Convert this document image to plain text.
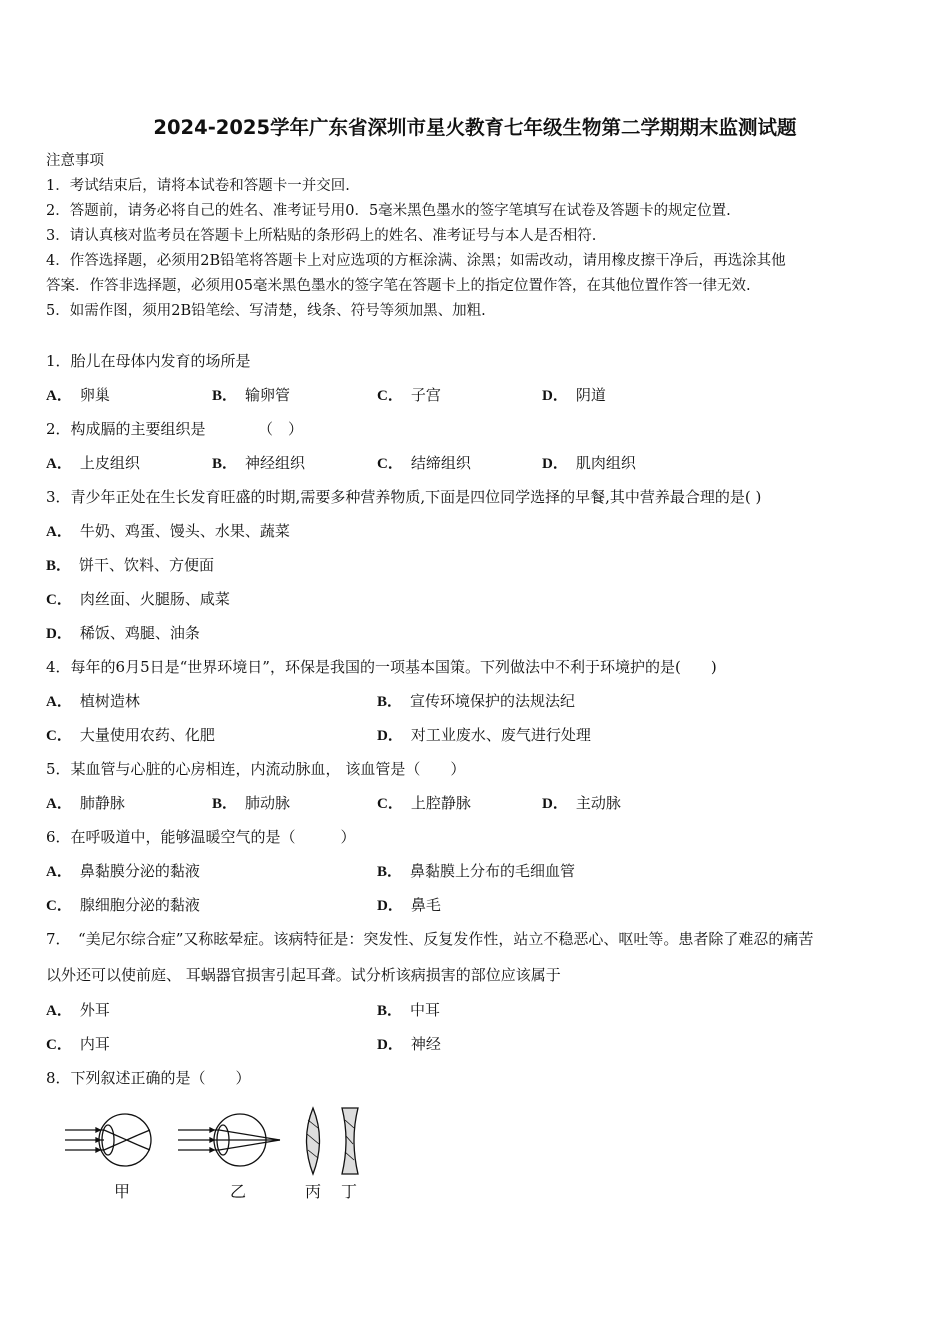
2024-2025学年广东省深圳市星火教育七年级生物第二学期期末监测试题
注意事项
1．考试结束后，请将本试卷和答题卡一并交回.
2．答题前，请务必将自己的姓名、准考证号用0．5毫米黑色墨水的签字笔填写在试卷及答题卡的规定位置.
3．请认真核对监考员在答题卡上所粘贴的条形码上的姓名、准考证号与本人是否相符.
4．作答选择题，必须用2B铅笔将答题卡上对应选项的方框涂满、涂黑；如需改动，请用橡皮擦干净后，再选涂其他
答案．作答非选择题，必须用05毫米黑色墨水的签字笔在答题卡上的指定位置作答，在其他位置作答一律无效.
5．如需作图，须用2B铅笔绘、写清楚，线条、符号等须加黑、加粗.
1．胎儿在母体内发育的场所是
A． 卵巢	B． 输卵管	C． 子宫	D． 阴道
2．构成膈的主要组织是　　　　（　）
A． 上皮组织	B． 神经组织	C． 结缔组织	D． 肌肉组织
3．青少年正处在生长发育旺盛的时期,需要多种营养物质,下面是四位同学选择的早餐,其中营养最合理的是( )
A． 牛奶、鸡蛋、馒头、水果、蔬菜
B． 饼干、饮料、方便面
C． 肉丝面、火腿肠、咸菜
D． 稀饭、鸡腿、油条
4．每年的6月5日是“世界环境日”，环保是我国的一项基本国策。下列做法中不利于环境护的是(　　)
A． 植树造林	B． 宣传环境保护的法规法纪
C． 大量使用农药、化肥	D． 对工业废水、废气进行处理
5．某血管与心脏的心房相连，内流动脉血， 该血管是（　　）
A． 肺静脉	B． 肺动脉	C． 上腔静脉	D． 主动脉
6．在呼吸道中，能够温暖空气的是（　　　）
A． 鼻黏膜分泌的黏液	B． 鼻黏膜上分布的毛细血管
C． 腺细胞分泌的黏液	D． 鼻毛
7．　“美尼尔综合症”又称眩晕症。该病特征是：突发性、反复发作性，站立不稳恶心、呕吐等。患者除了难忍的痛苦
以外还可以使前庭、 耳蜗器官损害引起耳聋。试分析该病损害的部位应该属于
A． 外耳	B． 中耳
C． 内耳	D． 神经
8．下列叙述正确的是（　　）
甲	乙	丙 丁
